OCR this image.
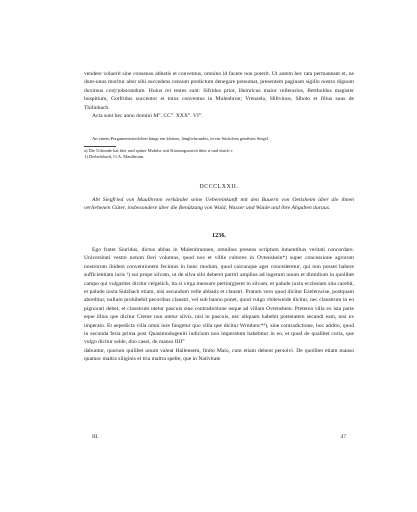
vendere voluerit sine consensu abbatis et conventus, omnino id facere non poterit. Ut autem hec rata permaneant et, ne dum-unus moritur alter sibi succedens censum predictum denegare presumat, presentem paginam sigillo nostro dignum duximus cor(r)oborandum. Huius rei testes sunt: Sifridus prior, Heinricus maior cellerarius, Bertholdus magister hospitium, Gotfridus succentor et totus conventus in Mulenbrun; Vrenzelo, Hillvinus, Siboto et filius suus de Thilinbach.

Acta sunt hec anno domini M°. CC°. XXX°. VI°.

An einem Pergamentstreifchen hängt ein kleines, länglichrundes, in ein Säckchen genähtes Siegel.

a) Die Urkunde hat hier und später Mulnbr. mit Kürzungsstrich über n und durch r.

1) Diebelsbach, O.A. Maulbronn.

DCCCLXXII.

Abt Siegfried von Maulbronn verkündet seine Uebereinkunft mit den Bauern von Oetisheim über die ihnen verliehenen Güter, insbesondere über die Benützung von Wald, Wasser und Waide und ihre Abgaben daraus.

1236.

Ego frater Siuridus, dictus abbas in Mulenbrunnen, omnibus presens scriptum intuentibus veritati concordare. Universitati vestre notum fieri volumus, quod nos et villie cultores in Ovtenshein*) super concessione agrorum nostrorum ibidem conventionem fecimus in hunc modum, quod cuicunque ager concederetur, qui non posset habere sufficientiam iuris ¹) sui prope silvam, ut de silva sibi deberet partiri amplius ad iugerum unum et dimidium in quolibet campo qui vulgariter dicitur celgelich, ita si virga mensure pertin(g)eret in silvam, et palude iuxta ecclesiam sita carebit, et palude iuxta Sulzbach etiam, nisi secundum velle abbatis et claustri. Pratum vero quod dicitur Ezelenwise, postquam abreditur, nullum prohibebit pecoribus claustri, vel sub banno ponet, quod vulgo vbiteweide dicitur, nec claustrum in eo pignorari debet, et claustrum utetur pascuis sine contradictione usque ad villam Ovtenshein. Preterea villa ex ista parte eque illius que dicitur Creme non utetur silvis, nisi in pascuis, nec aliquam habebit potestatem secandi eam, nisi ex imperato. Et aepedicta villa omni iure fungetur quo villa que dicitur Wrmberc*³), sine contradictione, hoc addito, quod in secunda feria prima post Quasimodogeniti iudicium non imperatum habebitur in eo, et quod de qualibet curia, que vulgo dicitur selde, duo casei, de manso IIII°

dabuntur, quorum quilibet unum valeat Hallensem, finito Maio, cum etiam debent persolvi. De quolibet etiam manso quatuor maltra siliginis et tria maltra spelte, que in Nativitate

III.	47
